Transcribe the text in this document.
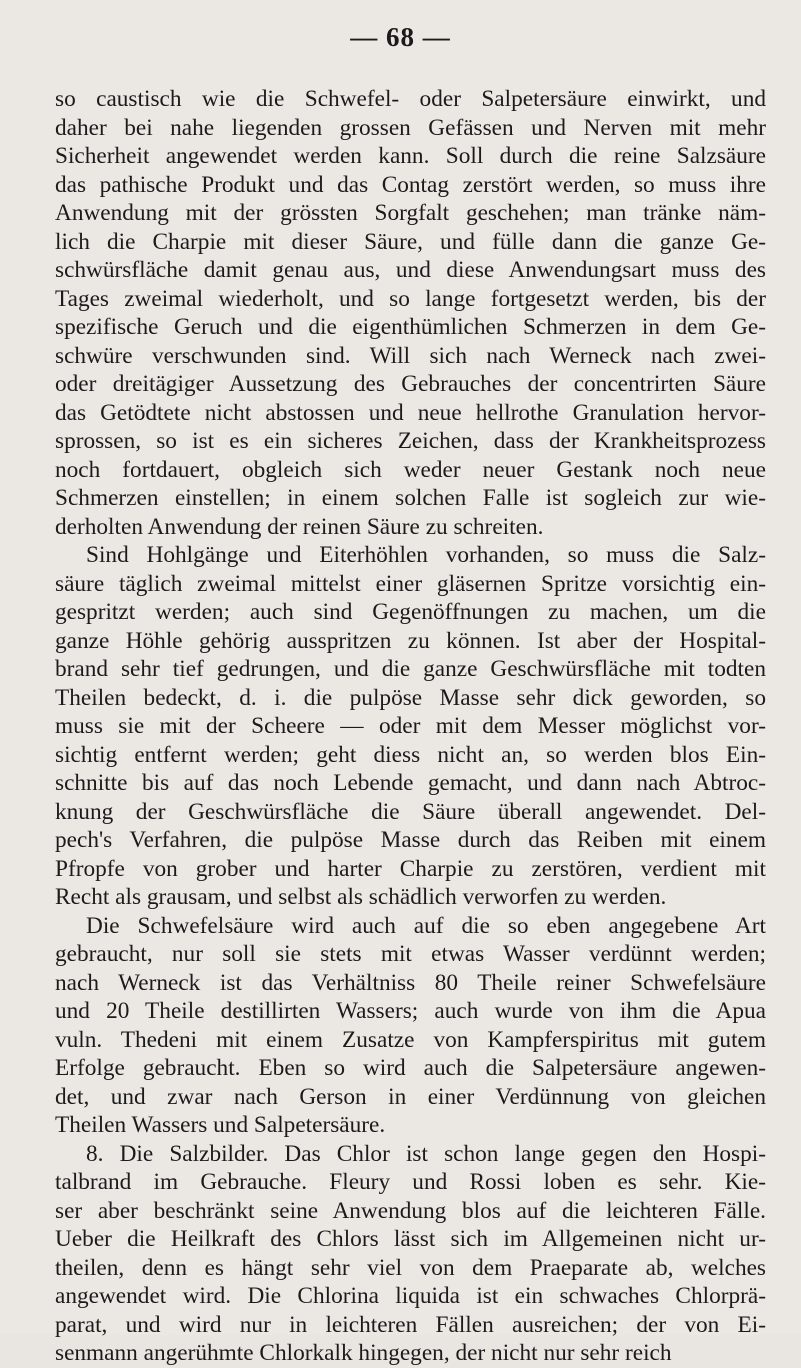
— 68 —
so caustisch wie die Schwefel- oder Salpetersäure einwirkt, und
daher bei nahe liegenden grossen Gefässen und Nerven mit mehr
Sicherheit angewendet werden kann. Soll durch die reine Salzsäure
das pathische Produkt und das Contag zerstört werden, so muss ihre
Anwendung mit der grössten Sorgfalt geschehen; man tränke näm-
lich die Charpie mit dieser Säure, und fülle dann die ganze Ge-
schwürsfläche damit genau aus, und diese Anwendungsart muss des
Tages zweimal wiederholt, und so lange fortgesetzt werden, bis der
spezifische Geruch und die eigenthümlichen Schmerzen in dem Ge-
schwüre verschwunden sind. Will sich nach Werneck nach zwei-
oder dreitägiger Aussetzung des Gebrauches der concentrirten Säure
das Getödtete nicht abstossen und neue hellrothe Granulation hervor-
sprossen, so ist es ein sicheres Zeichen, dass der Krankheitsprozess
noch fortdauert, obgleich sich weder neuer Gestank noch neue
Schmerzen einstellen; in einem solchen Falle ist sogleich zur wie-
derholten Anwendung der reinen Säure zu schreiten.
Sind Hohlgänge und Eiterhöhlen vorhanden, so muss die Salz-
säure täglich zweimal mittelst einer gläsernen Spritze vorsichtig ein-
gespritzt werden; auch sind Gegenöffnungen zu machen, um die
ganze Höhle gehörig ausspritzen zu können. Ist aber der Hospital-
brand sehr tief gedrungen, und die ganze Geschwürsfläche mit todten
Theilen bedeckt, d. i. die pulpöse Masse sehr dick geworden, so
muss sie mit der Scheere — oder mit dem Messer möglichst vor-
sichtig entfernt werden; geht diess nicht an, so werden blos Ein-
schnitte bis auf das noch Lebende gemacht, und dann nach Abtroc-
knung der Geschwürsfläche die Säure überall angewendet. Del-
pech's Verfahren, die pulpöse Masse durch das Reiben mit einem
Pfropfe von grober und harter Charpie zu zerstören, verdient mit
Recht als grausam, und selbst als schädlich verworfen zu werden.
Die Schwefelsäure wird auch auf die so eben angegebene Art
gebraucht, nur soll sie stets mit etwas Wasser verdünnt werden;
nach Werneck ist das Verhältniss 80 Theile reiner Schwefelsäure
und 20 Theile destillirten Wassers; auch wurde von ihm die Apua
vuln. Thedeni mit einem Zusatze von Kampferspiritus mit gutem
Erfolge gebraucht. Eben so wird auch die Salpetersäure angewen-
det, und zwar nach Gerson in einer Verdünnung von gleichen
Theilen Wassers und Salpetersäure.
8. Die Salzbilder. Das Chlor ist schon lange gegen den Hospi-
talbrand im Gebrauche. Fleury und Rossi loben es sehr. Kie-
ser aber beschränkt seine Anwendung blos auf die leichteren Fälle.
Ueber die Heilkraft des Chlors lässt sich im Allgemeinen nicht ur-
theilen, denn es hängt sehr viel von dem Praeparate ab, welches
angewendet wird. Die Chlorina liquida ist ein schwaches Chlorprä-
parat, und wird nur in leichteren Fällen ausreichen; der von Ei-
senmann angerühmte Chlorkalk hingegen, der nicht nur sehr reich
